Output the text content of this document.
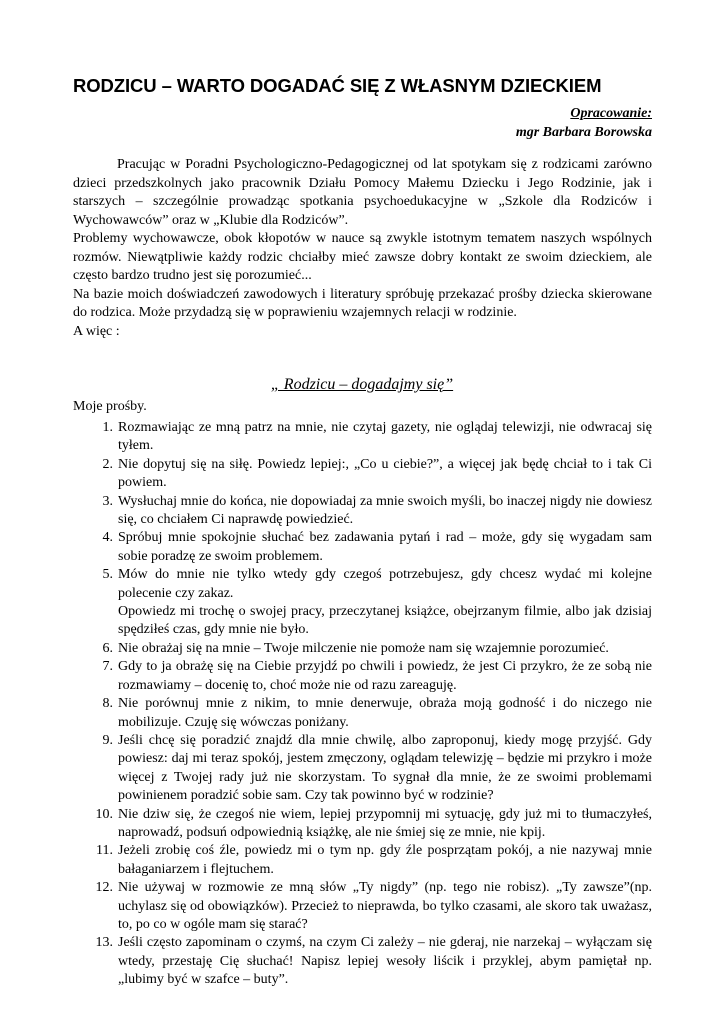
RODZICU – WARTO DOGADAĆ SIĘ Z WŁASNYM DZIECKIEM
Opracowanie:
mgr Barbara Borowska

Pracując w Poradni Psychologiczno-Pedagogicznej od lat spotykam się z rodzicami zarówno dzieci przedszkolnych jako pracownik Działu Pomocy Małemu Dziecku i Jego Rodzinie, jak i starszych – szczególnie prowadząc spotkania psychoedukacyjne w „Szkole dla Rodziców i Wychowawców” oraz w „Klubie dla Rodziców”.

Problemy wychowawcze, obok kłopotów w nauce są zwykle istotnym tematem naszych wspólnych rozmów. Niewątpliwie każdy rodzic chciałby mieć zawsze dobry kontakt ze swoim dzieckiem, ale często bardzo trudno jest się porozumieć...

Na bazie moich doświadczeń zawodowych i literatury spróbuję przekazać prośby dziecka skierowane do rodzica. Może przydadzą się w poprawieniu wzajemnych relacji w rodzinie.

A więc :

„ Rodzicu – dogadajmy się”
Moje prośby.
1. Rozmawiając ze mną patrz na mnie, nie czytaj gazety, nie oglądaj telewizji, nie odwracaj się tyłem.
2. Nie dopytuj się na siłę. Powiedz lepiej:, „Co u ciebie?”, a więcej jak będę chciał to i tak Ci powiem.
3. Wysłuchaj mnie do końca, nie dopowiadaj za mnie swoich myśli, bo inaczej nigdy nie dowiesz się, co chciałem Ci naprawdę powiedzieć.
4. Spróbuj mnie spokojnie słuchać bez zadawania pytań i rad – może, gdy się wygadam sam sobie poradzę ze swoim problemem.
5. Mów do mnie nie tylko wtedy gdy czegoś potrzebujesz, gdy chcesz wydać mi kolejne polecenie czy zakaz.
Opowiedz mi trochę o swojej pracy, przeczytanej książce, obejrzanym filmie, albo jak dzisiaj spędziłeś czas, gdy mnie nie było.
6. Nie obrażaj się na mnie – Twoje milczenie nie pomoże nam się wzajemnie porozumieć.
7. Gdy to ja obrażę się na Ciebie przyjdź po chwili i powiedz, że jest Ci przykro, że ze sobą nie rozmawiamy – docenię to, choć może nie od razu zareaguję.
8. Nie porównuj mnie z nikim, to mnie denerwuje, obraża moją godność i do niczego nie mobilizuje. Czuję się wówczas poniżany.
9. Jeśli chcę się poradzić znajdź dla mnie chwilę, albo zaproponuj, kiedy mogę przyjść. Gdy powiesz: daj mi teraz spokój, jestem zmęczony, oglądam telewizję – będzie mi przykro i może więcej z Twojej rady już nie skorzystam. To sygnał dla mnie, że ze swoimi problemami powinienem poradzić sobie sam. Czy tak powinno być w rodzinie?
10. Nie dziw się, że czegoś nie wiem, lepiej przypomnij mi sytuację, gdy już mi to tłumaczyłeś, naprowadź, podsuń odpowiednią książkę, ale nie śmiej się ze mnie, nie kpij.
11. Jeżeli zrobię coś źle, powiedz mi o tym np. gdy źle posprzątam pokój, a nie nazywaj mnie bałaganiarzem i flejtuchem.
12. Nie używaj w rozmowie ze mną słów „Ty nigdy” (np. tego nie robisz). „Ty zawsze”(np. uchylasz się od obowiązków). Przecież to nieprawda, bo tylko czasami, ale skoro tak uważasz, to, po co w ogóle mam się starać?
13. Jeśli często zapominam o czymś, na czym Ci zależy – nie gderaj, nie narzekaj – wyłączam się wtedy, przestaję Cię słuchać! Napisz lepiej wesoły liścik i przyklej, abym pamiętał np. „lubimy być w szafce – buty”.
